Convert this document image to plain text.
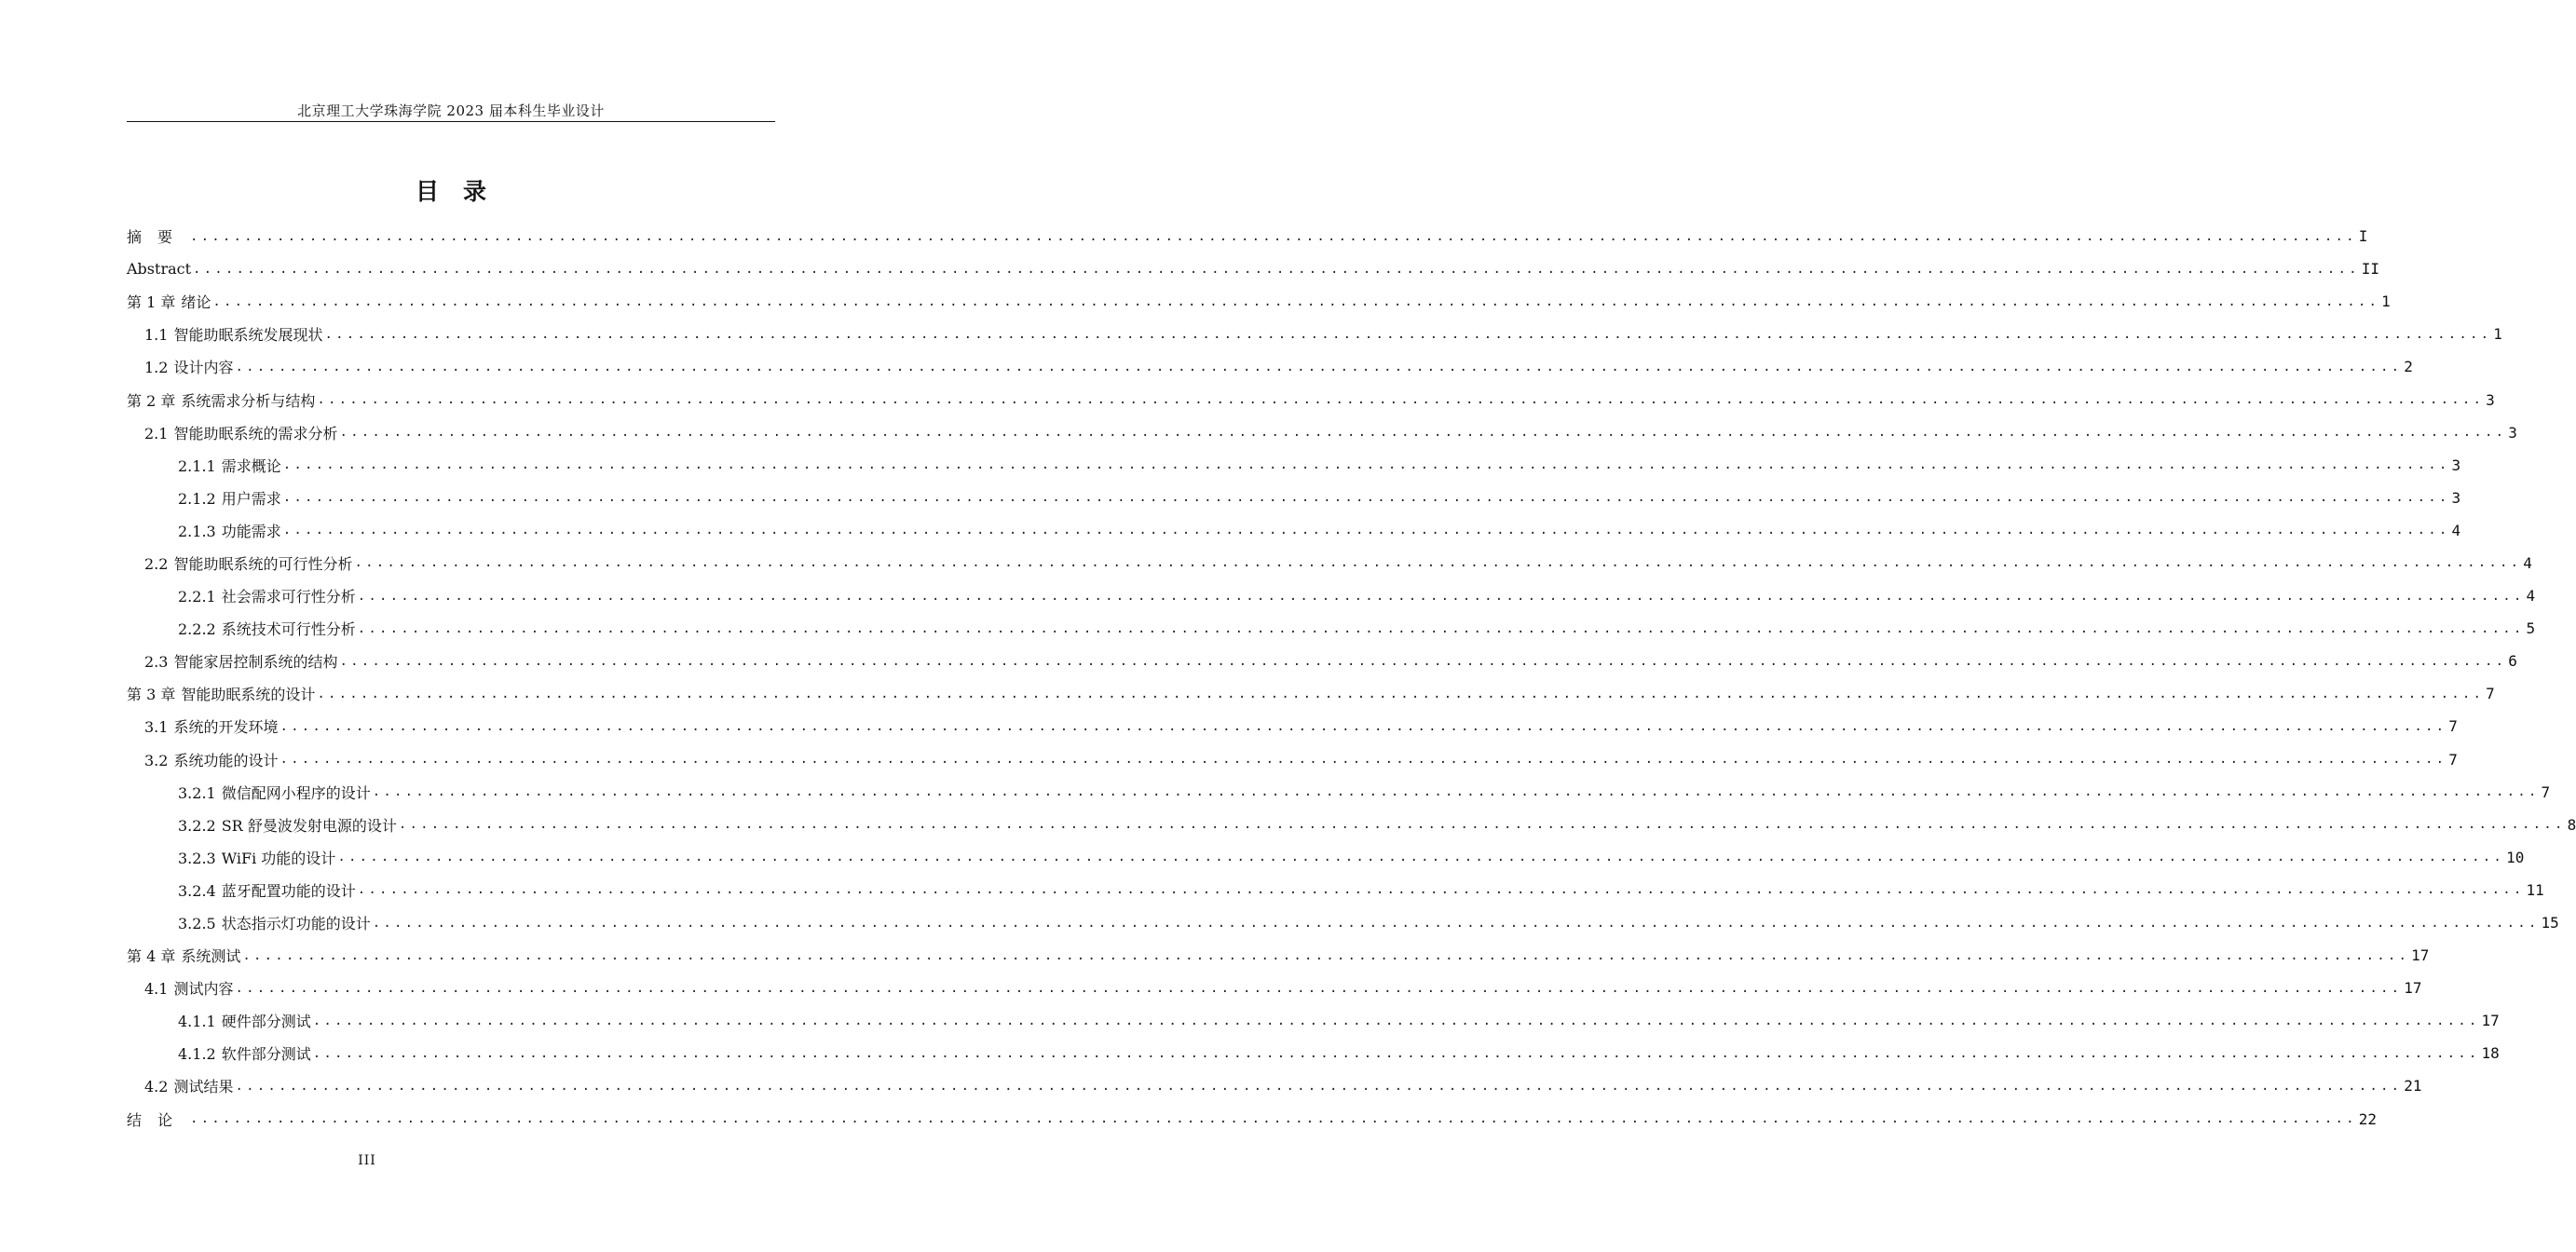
北京理工大学珠海学院 2023 届本科生毕业设计
目录
摘要 ........................................................................................................................................................................................................ I
Abstract ........................................................................................................................................................................................................ II
第 1 章 绪论 ........................................................................................................................................................................................................ 1
1.1 智能助眠系统发展现状 ........................................................................................................................................................................................................ 1
1.2 设计内容 ........................................................................................................................................................................................................ 2
第 2 章 系统需求分析与结构 ........................................................................................................................................................................................................ 3
2.1 智能助眠系统的需求分析 ........................................................................................................................................................................................................ 3
2.1.1 需求概论 ........................................................................................................................................................................................................ 3
2.1.2 用户需求 ........................................................................................................................................................................................................ 3
2.1.3 功能需求 ........................................................................................................................................................................................................ 4
2.2 智能助眠系统的可行性分析 ........................................................................................................................................................................................................ 4
2.2.1 社会需求可行性分析 ........................................................................................................................................................................................................ 4
2.2.2 系统技术可行性分析 ........................................................................................................................................................................................................ 5
2.3 智能家居控制系统的结构 ........................................................................................................................................................................................................ 6
第 3 章 智能助眠系统的设计 ........................................................................................................................................................................................................ 7
3.1 系统的开发环境 ........................................................................................................................................................................................................ 7
3.2 系统功能的设计 ........................................................................................................................................................................................................ 7
3.2.1 微信配网小程序的设计 ........................................................................................................................................................................................................ 7
3.2.2 SR 舒曼波发射电源的设计 ........................................................................................................................................................................................................ 8
3.2.3 WiFi 功能的设计 ........................................................................................................................................................................................................ 10
3.2.4 蓝牙配置功能的设计 ........................................................................................................................................................................................................ 11
3.2.5 状态指示灯功能的设计 ........................................................................................................................................................................................................ 15
第 4 章 系统测试 ........................................................................................................................................................................................................ 17
4.1 测试内容 ........................................................................................................................................................................................................ 17
4.1.1 硬件部分测试 ........................................................................................................................................................................................................ 17
4.1.2 软件部分测试 ........................................................................................................................................................................................................ 18
4.2 测试结果 ........................................................................................................................................................................................................ 21
结论 ........................................................................................................................................................................................................ 22
III
